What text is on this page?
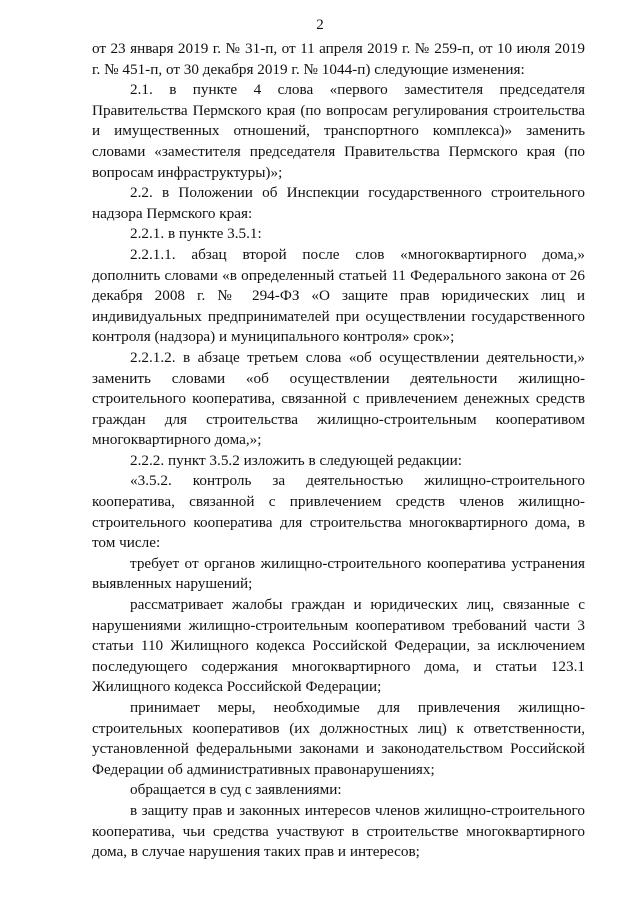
2

от 23 января 2019 г. № 31-п, от 11 апреля 2019 г. № 259-п, от 10 июля 2019 г. № 451-п, от 30 декабря 2019 г. № 1044-п) следующие изменения:

2.1. в пункте 4 слова «первого заместителя председателя Правительства Пермского края (по вопросам регулирования строительства и имущественных отношений, транспортного комплекса)» заменить словами «заместителя председателя Правительства Пермского края (по вопросам инфраструктуры)»;

2.2. в Положении об Инспекции государственного строительного надзора Пермского края:

2.2.1. в пункте 3.5.1:

2.2.1.1. абзац второй после слов «многоквартирного дома,» дополнить словами «в определенный статьей 11 Федерального закона от 26 декабря 2008 г. № 294-ФЗ «О защите прав юридических лиц и индивидуальных предпринимателей при осуществлении государственного контроля (надзора) и муниципального контроля» срок»;

2.2.1.2. в абзаце третьем слова «об осуществлении деятельности,» заменить словами «об осуществлении деятельности жилищно-строительного кооператива, связанной с привлечением денежных средств граждан для строительства жилищно-строительным кооперативом многоквартирного дома,»;

2.2.2. пункт 3.5.2 изложить в следующей редакции:

«3.5.2. контроль за деятельностью жилищно-строительного кооператива, связанной с привлечением средств членов жилищно-строительного кооператива для строительства многоквартирного дома, в том числе:

требует от органов жилищно-строительного кооператива устранения выявленных нарушений;

рассматривает жалобы граждан и юридических лиц, связанные с нарушениями жилищно-строительным кооперативом требований части 3 статьи 110 Жилищного кодекса Российской Федерации, за исключением последующего содержания многоквартирного дома, и статьи 123.1 Жилищного кодекса Российской Федерации;

принимает меры, необходимые для привлечения жилищно-строительных кооперативов (их должностных лиц) к ответственности, установленной федеральными законами и законодательством Российской Федерации об административных правонарушениях;

обращается в суд с заявлениями:

в защиту прав и законных интересов членов жилищно-строительного кооператива, чьи средства участвуют в строительстве многоквартирного дома, в случае нарушения таких прав и интересов;
